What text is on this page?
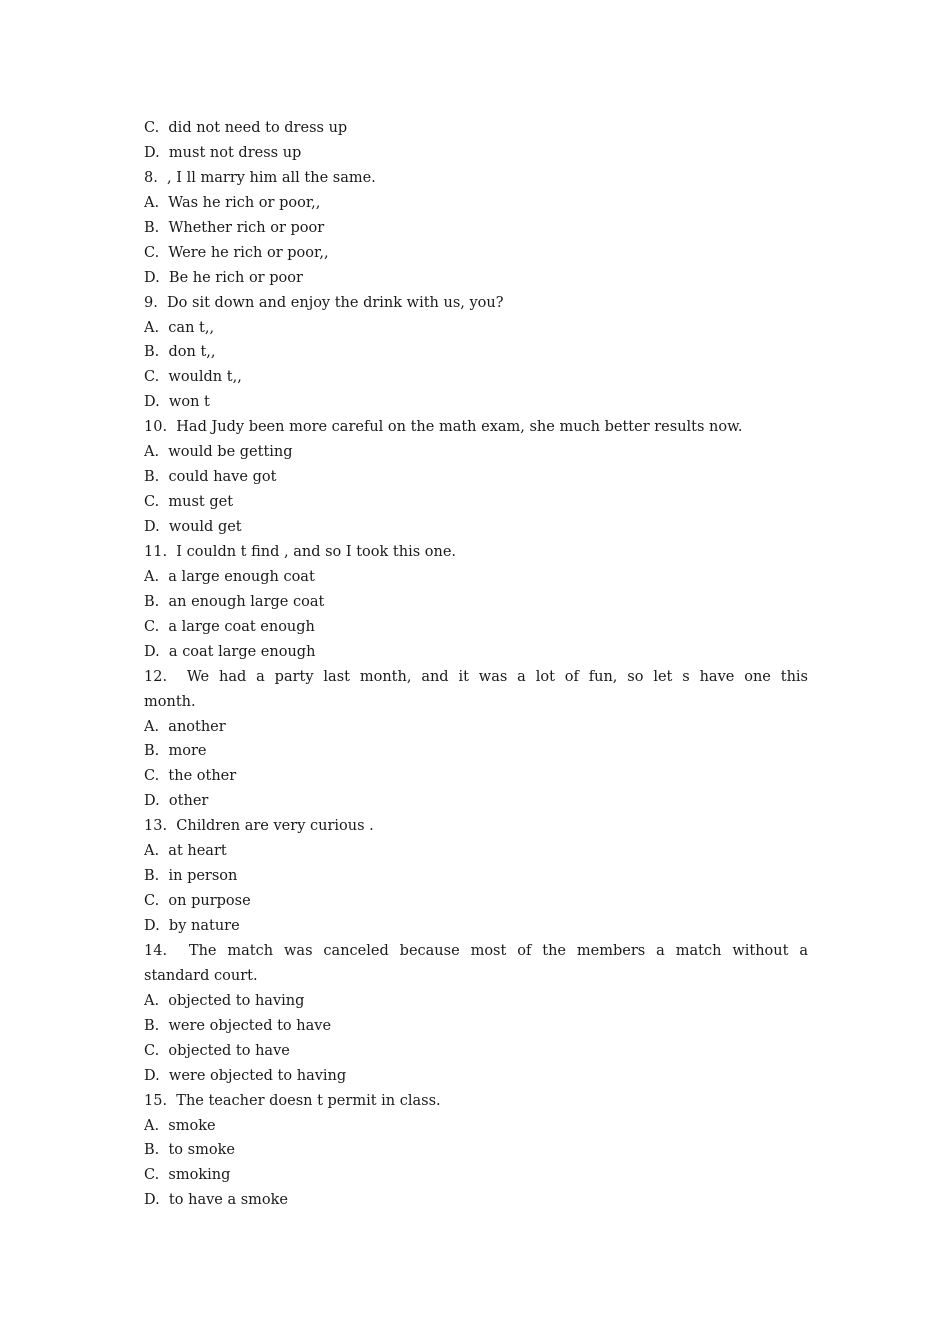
C.  did not need to dress up
D.  must not dress up
8.  , I ll marry him all the same.
A.  Was he rich or poor,,
B.  Whether rich or poor
C.  Were he rich or poor,,
D.  Be he rich or poor
9.  Do sit down and enjoy the drink with us, you?
A.  can t,,
B.  don t,,
C.  wouldn t,,
D.  won t
10.  Had Judy been more careful on the math exam, she much better results now.
A.  would be getting
B.  could have got
C.  must get
D.  would get
11.  I couldn t find , and so I took this one.
A.  a large enough coat
B.  an enough large coat
C.  a large coat enough
D.  a coat large enough
12.  We had a party last month, and it was a lot of fun, so let s have one this
month.
A.  another
B.  more
C.  the other
D.  other
13.  Children are very curious .
A.  at heart
B.  in person
C.  on purpose
D.  by nature
14.  The match was canceled because most of the members a match without a
standard court.
A.  objected to having
B.  were objected to have
C.  objected to have
D.  were objected to having
15.  The teacher doesn t permit in class.
A.  smoke
B.  to smoke
C.  smoking
D.  to have a smoke
